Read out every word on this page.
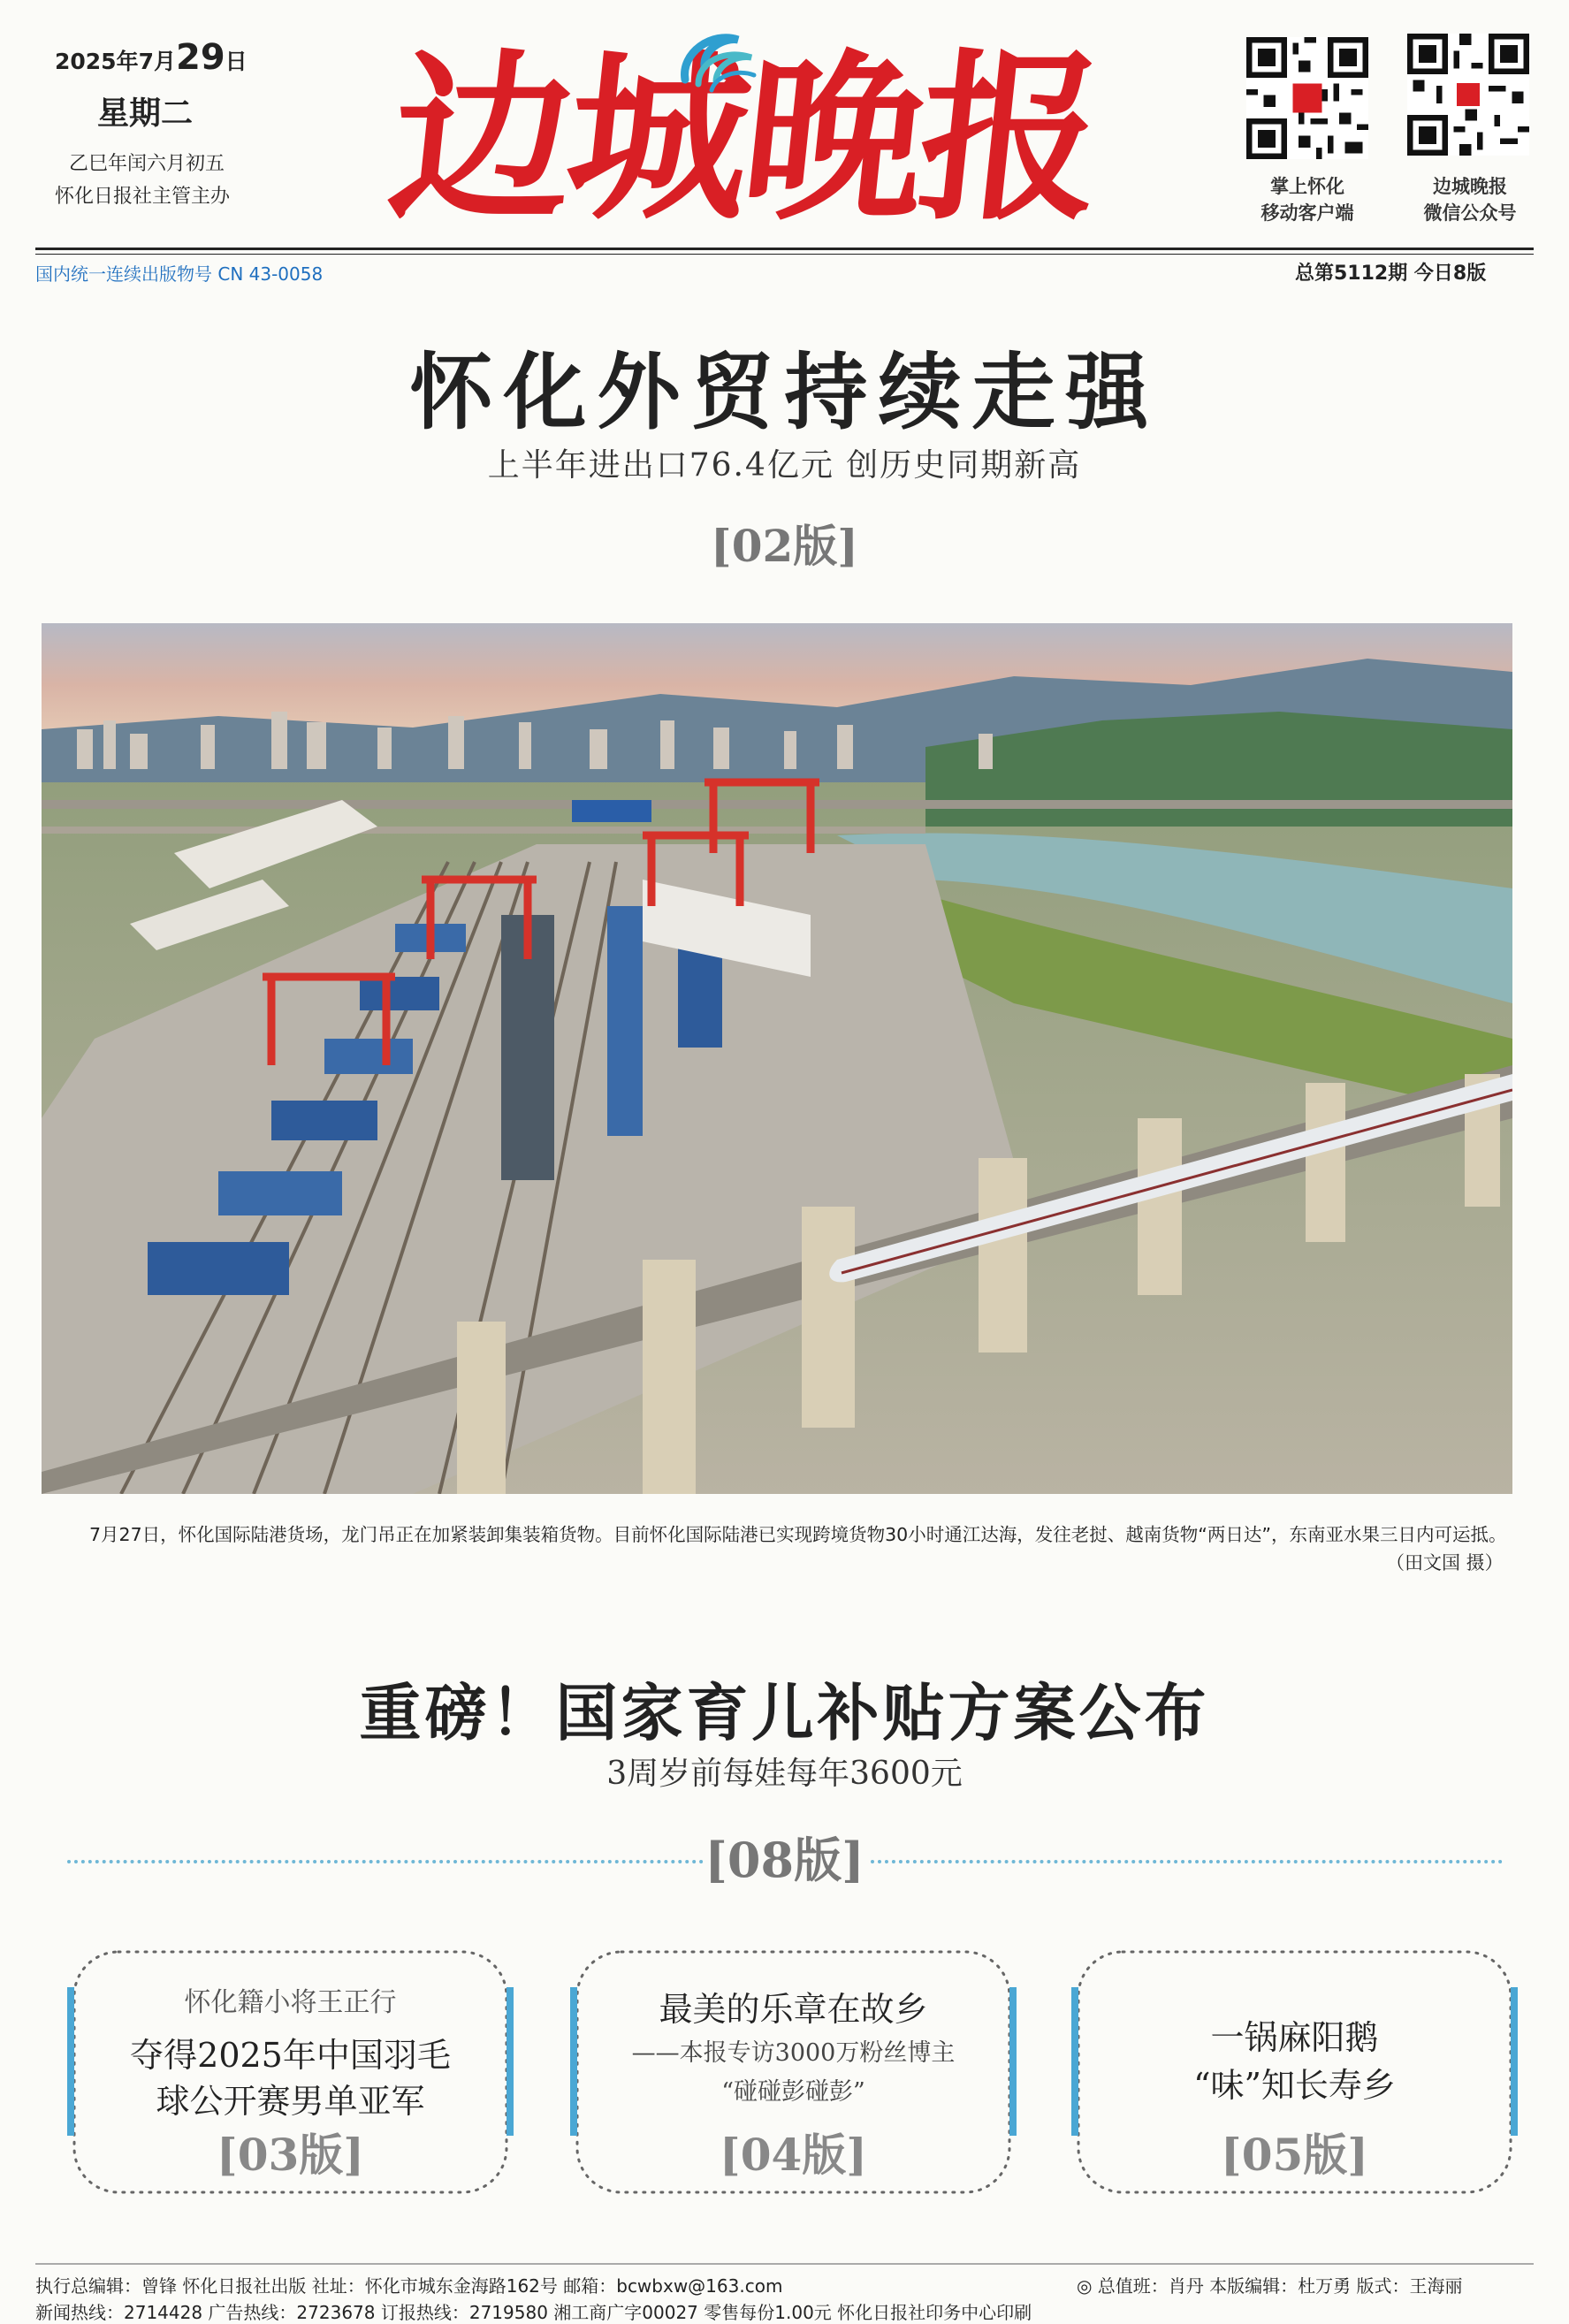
2025年7月29日
星期二
乙巳年闰六月初五
怀化日报社主管主办 边城晚报	掌上怀化
移动客户端
边城晚报
微信公众号
国内统一连续出版物号 CN 43-0058	总第5112期 今日8版
怀化外贸持续走强
上半年进出口76.4亿元 创历史同期新高
[02版]
7月27日，怀化国际陆港货场，龙门吊正在加紧装卸集装箱货物。目前怀化国际陆港已实现跨境货物30小时通江达海，发往老挝、越南货物“两日达”，东南亚水果三日内可运抵。
（田文国 摄）
重磅！国家育儿补贴方案公布
3周岁前每娃每年3600元
[08版]
怀化籍小将王正行
夺得2025年中国羽毛
球公开赛男单亚军
[03版]
最美的乐章在故乡
——本报专访3000万粉丝博主
“碰碰彭碰彭”
[04版]
一锅麻阳鹅
“味”知长寿乡
[05版]
执行总编辑：曾锋 怀化日报社出版 社址：怀化市城东金海路162号 邮箱：bcwbxw@163.com
新闻热线：2714428 广告热线：2723678 订报热线：2719580 湘工商广字00027 零售每份1.00元 怀化日报社印务中心印刷
◎ 总值班：肖丹 本版编辑：杜万勇 版式：王海丽
